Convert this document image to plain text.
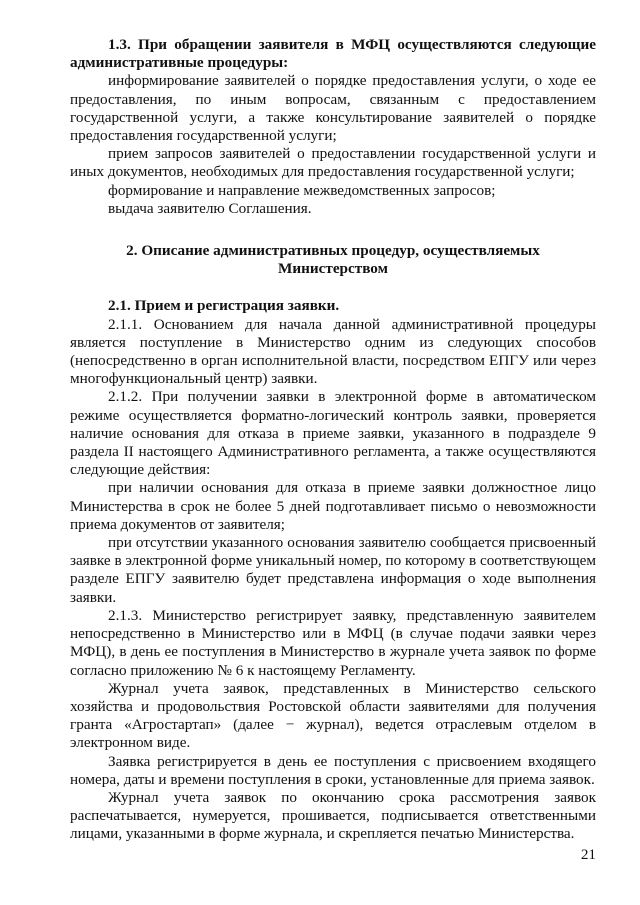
1.3. При обращении заявителя в МФЦ осуществляются следующие административные процедуры:

информирование заявителей о порядке предоставления услуги, о ходе ее предоставления, по иным вопросам, связанным с предоставлением государственной услуги, а также консультирование заявителей о порядке предоставления государственной услуги;

прием запросов заявителей о предоставлении государственной услуги и иных документов, необходимых для предоставления государственной услуги;

формирование и направление межведомственных запросов;

выдача заявителю Соглашения.

2. Описание административных процедур, осуществляемых Министерством

2.1. Прием и регистрация заявки.

2.1.1. Основанием для начала данной административной процедуры является поступление в Министерство одним из следующих способов (непосредственно в орган исполнительной власти, посредством ЕПГУ или через многофункциональный центр) заявки.

2.1.2. При получении заявки в электронной форме в автоматическом режиме осуществляется форматно-логический контроль заявки, проверяется наличие основания для отказа в приеме заявки, указанного в подразделе 9 раздела II настоящего Административного регламента, а также осуществляются следующие действия:

при наличии основания для отказа в приеме заявки должностное лицо Министерства в срок не более 5 дней подготавливает письмо о невозможности приема документов от заявителя;

при отсутствии указанного основания заявителю сообщается присвоенный заявке в электронной форме уникальный номер, по которому в соответствующем разделе ЕПГУ заявителю будет представлена информация о ходе выполнения заявки.

2.1.3. Министерство регистрирует заявку, представленную заявителем непосредственно в Министерство или в МФЦ (в случае подачи заявки через МФЦ), в день ее поступления в Министерство в журнале учета заявок по форме согласно приложению № 6 к настоящему Регламенту.

Журнал учета заявок, представленных в Министерство сельского хозяйства и продовольствия Ростовской области заявителями для получения гранта «Агростартап» (далее − журнал), ведется отраслевым отделом в электронном виде.

Заявка регистрируется в день ее поступления с присвоением входящего номера, даты и времени поступления в сроки, установленные для приема заявок.

Журнал учета заявок по окончанию срока рассмотрения заявок распечатывается, нумеруется, прошивается, подписывается ответственными лицами, указанными в форме журнала, и скрепляется печатью Министерства.

21
